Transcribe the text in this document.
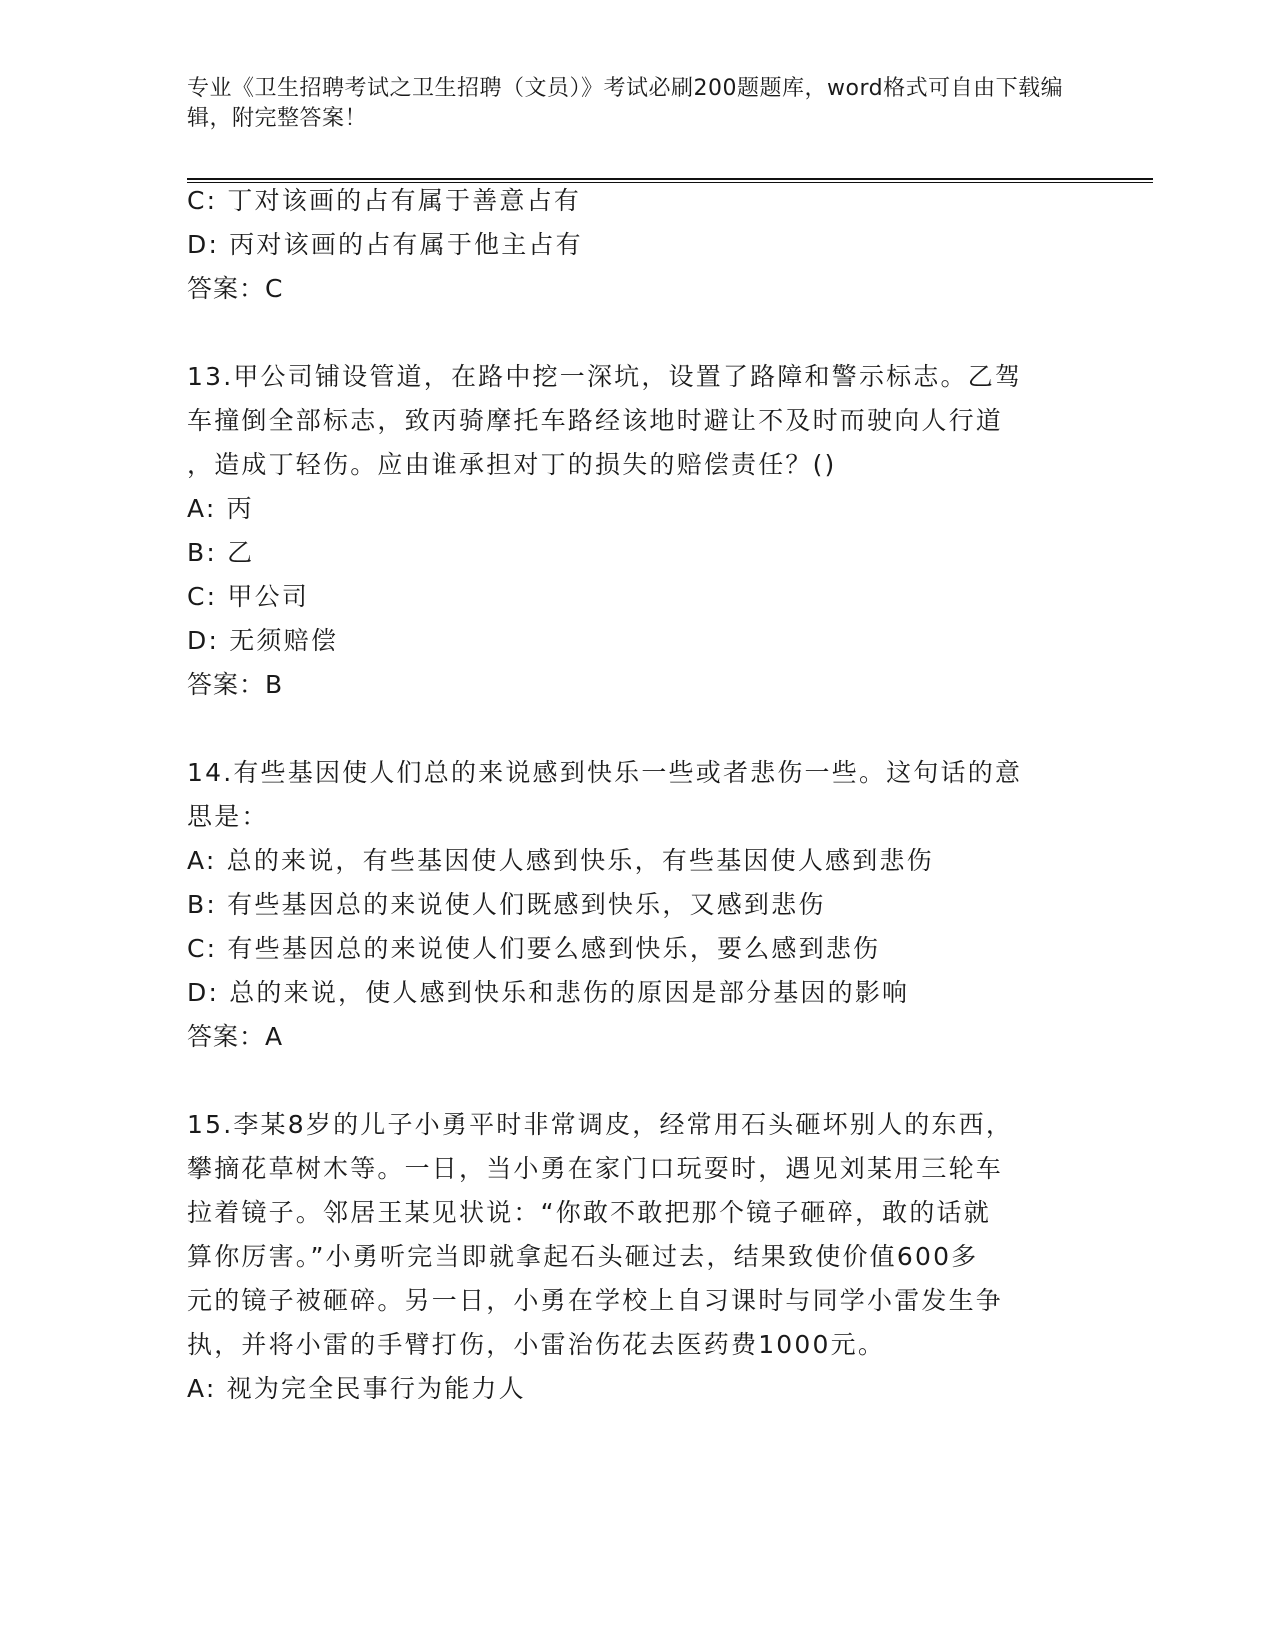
专业《卫生招聘考试之卫生招聘（文员）》考试必刷200题题库，word格式可自由下载编辑，附完整答案！
C: 丁对该画的占有属于善意占有
D: 丙对该画的占有属于他主占有
答案：C
13.甲公司铺设管道，在路中挖一深坑，设置了路障和警示标志。乙驾
车撞倒全部标志，致丙骑摩托车路经该地时避让不及时而驶向人行道
，造成丁轻伤。应由谁承担对丁的损失的赔偿责任？()
A: 丙
B: 乙
C: 甲公司
D: 无须赔偿
答案：B
14.有些基因使人们总的来说感到快乐一些或者悲伤一些。这句话的意
思是：
A: 总的来说，有些基因使人感到快乐，有些基因使人感到悲伤
B: 有些基因总的来说使人们既感到快乐，又感到悲伤
C: 有些基因总的来说使人们要么感到快乐，要么感到悲伤
D: 总的来说，使人感到快乐和悲伤的原因是部分基因的影响
答案：A
15.李某8岁的儿子小勇平时非常调皮，经常用石头砸坏别人的东西，
攀摘花草树木等。一日，当小勇在家门口玩耍时，遇见刘某用三轮车
拉着镜子。邻居王某见状说：“你敢不敢把那个镜子砸碎，敢的话就
算你厉害。”小勇听完当即就拿起石头砸过去，结果致使价值600多
元的镜子被砸碎。另一日，小勇在学校上自习课时与同学小雷发生争
执，并将小雷的手臂打伤，小雷治伤花去医药费1000元。
A: 视为完全民事行为能力人
